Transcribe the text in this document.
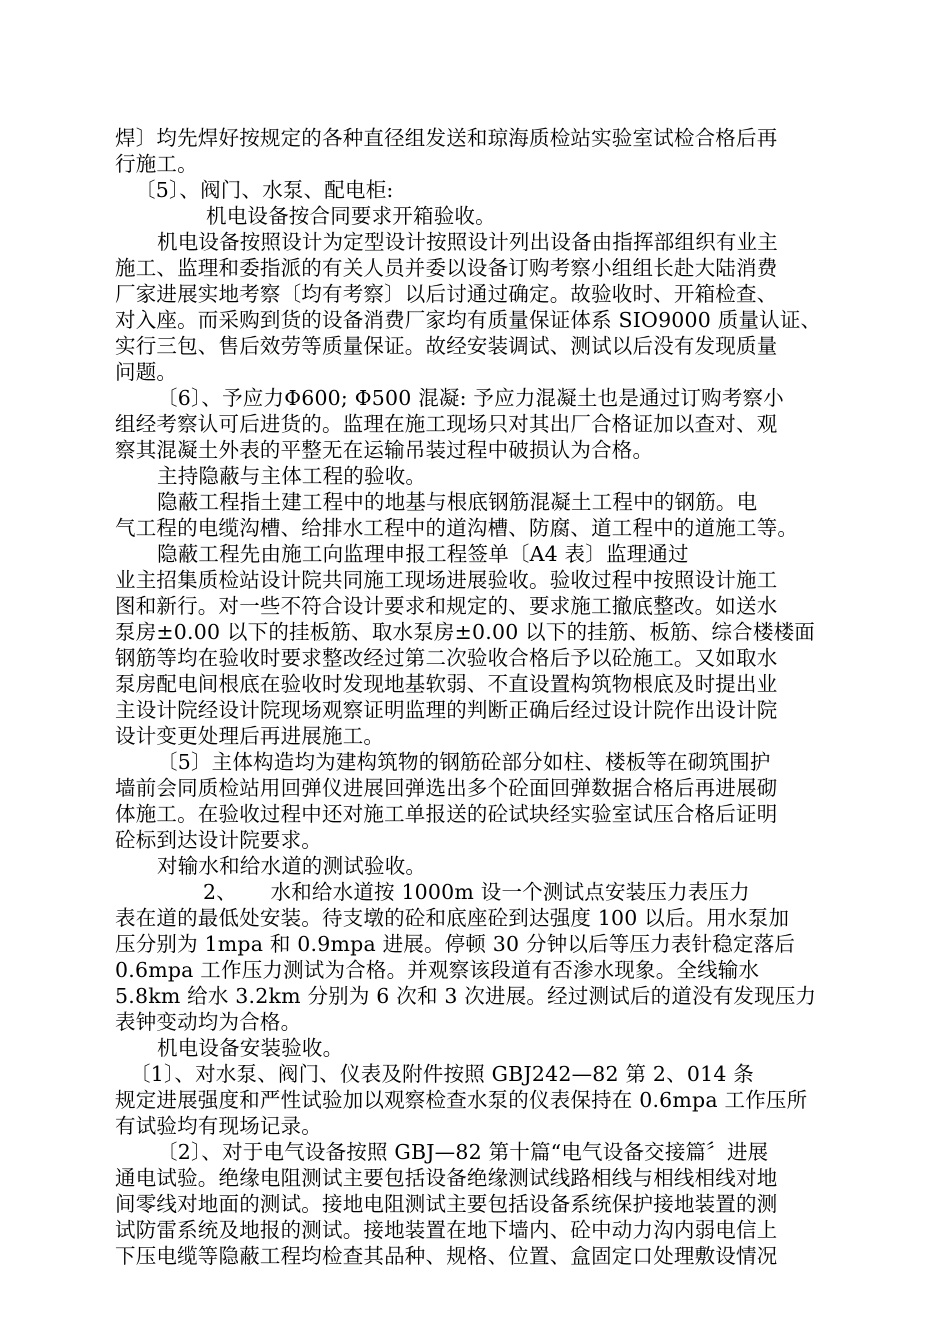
焊〕均先焊好按规定的各种直径组发送和琼海质检站实验室试检合格后再
行施工。
〔5〕、阀门、水泵、配电柜:
机电设备按合同要求开箱验收。
机电设备按照设计为定型设计按照设计列出设备由指挥部组织有业主
施工、监理和委指派的有关人员并委以设备订购考察小组组长赴大陆消费
厂家进展实地考察〔均有考察〕以后讨通过确定。故验收时、开箱检查、
对入座。而采购到货的设备消费厂家均有质量保证体系 SIO9000 质量认证、
实行三包、售后效劳等质量保证。故经安装调试、测试以后没有发现质量
问题。
〔6〕、予应力Φ600; Φ500 混凝: 予应力混凝土也是通过订购考察小
组经考察认可后进货的。监理在施工现场只对其出厂合格证加以查对、观
察其混凝土外表的平整无在运输吊装过程中破损认为合格。
主持隐蔽与主体工程的验收。
隐蔽工程指土建工程中的地基与根底钢筋混凝土工程中的钢筋。电
气工程的电缆沟槽、给排水工程中的道沟槽、防腐、道工程中的道施工等。
隐蔽工程先由施工向监理申报工程签单〔A4 表〕监理通过
业主招集质检站设计院共同施工现场进展验收。验收过程中按照设计施工
图和新行。对一些不符合设计要求和规定的、要求施工撤底整改。如送水
泵房±0.00 以下的挂板筋、取水泵房±0.00 以下的挂筋、板筋、综合楼楼面
钢筋等均在验收时要求整改经过第二次验收合格后予以砼施工。又如取水
泵房配电间根底在验收时发现地基软弱、不直设置构筑物根底及时提出业
主设计院经设计院现场观察证明监理的判断正确后经过设计院作出设计院
设计变更处理后再进展施工。
〔5〕主体构造均为建构筑物的钢筋砼部分如柱、楼板等在砌筑围护
墙前会同质检站用回弹仪进展回弹选出多个砼面回弹数据合格后再进展砌
体施工。在验收过程中还对施工单报送的砼试块经实验室试压合格后证明
砼标到达设计院要求。
对输水和给水道的测试验收。
2、     水和给水道按 1000m 设一个测试点安装压力表压力
表在道的最低处安装。待支墩的砼和底座砼到达强度 100 以后。用水泵加
压分别为 1mpa 和 0.9mpa 进展。停顿 30 分钟以后等压力表针稳定落后
0.6mpa 工作压力测试为合格。并观察该段道有否渗水现象。全线输水
5.8km 给水 3.2km 分别为 6 次和 3 次进展。经过测试后的道没有发现压力
表钟变动均为合格。
机电设备安装验收。
〔1〕、对水泵、阀门、仪表及附件按照 GBJ242—82 第 2、014 条
规定进展强度和严性试验加以观察检查水泵的仪表保持在 0.6mpa 工作压所
有试验均有现场记录。
〔2〕、对于电气设备按照 GBJ—82 第十篇“电气设备交接篇〞进展
通电试验。绝缘电阻测试主要包括设备绝缘测试线路相线与相线相线对地
间零线对地面的测试。接地电阻测试主要包括设备系统保护接地装置的测
试防雷系统及地报的测试。接地装置在地下墙内、砼中动力沟内弱电信上
下压电缆等隐蔽工程均检查其品种、规格、位置、盒固定口处理敷设情况
